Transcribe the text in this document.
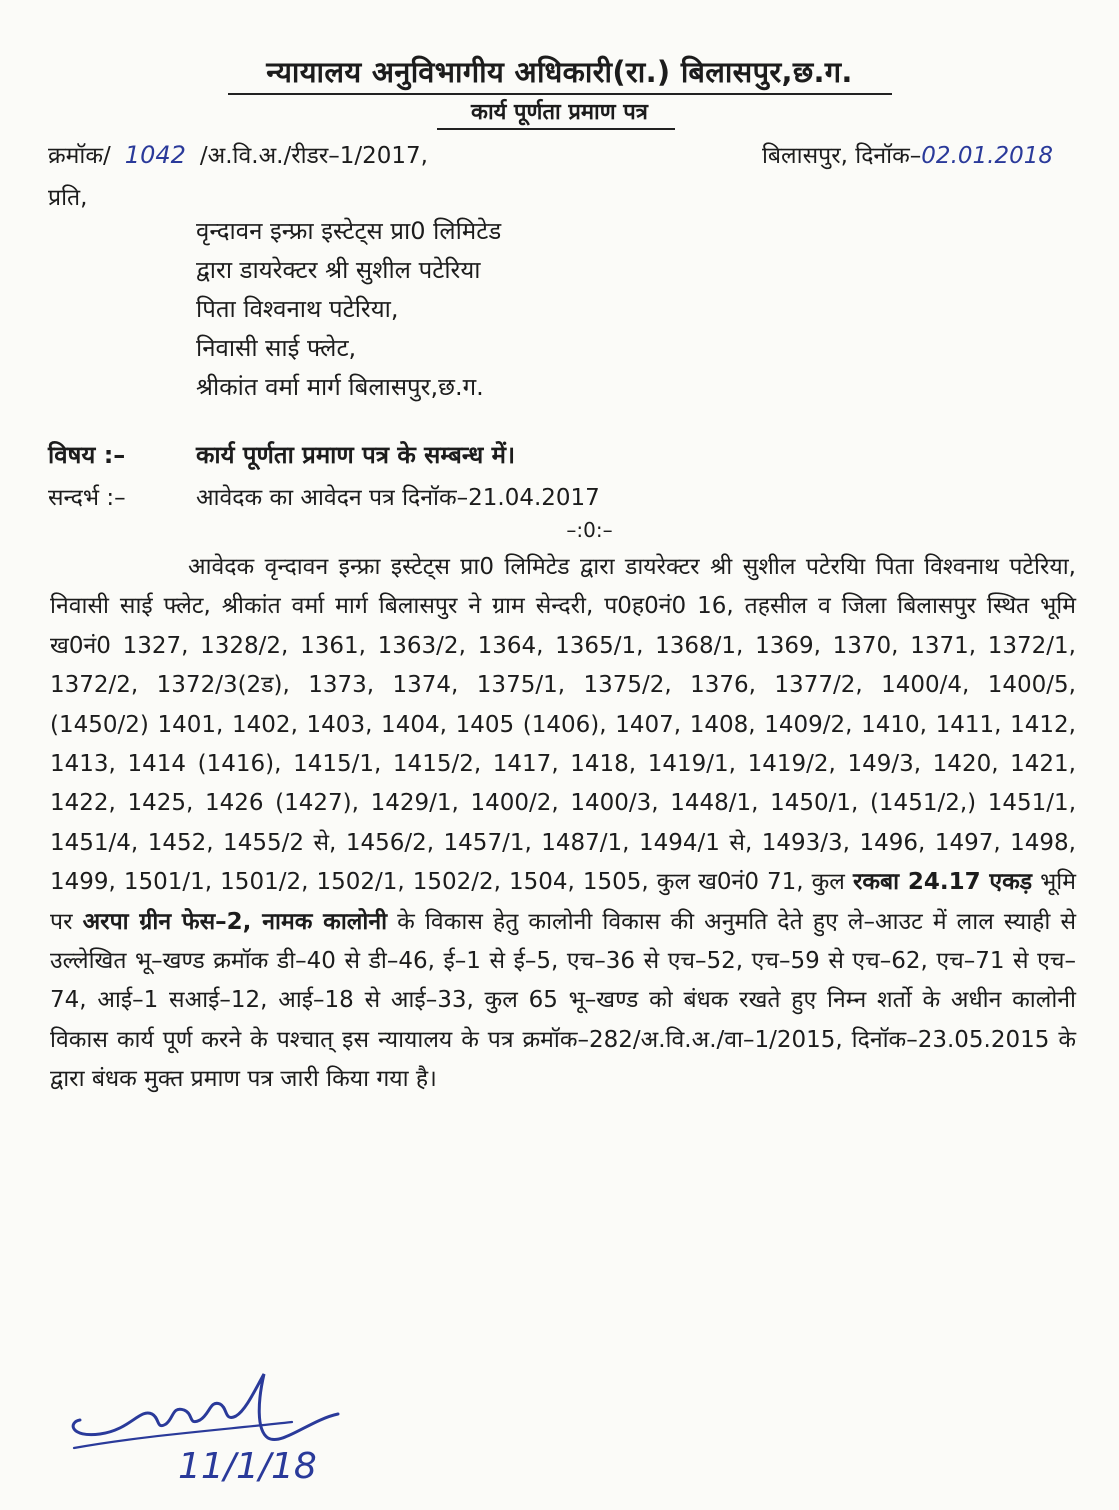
न्यायालय अनुविभागीय अधिकारी(रा.) बिलासपुर,छ.ग.
कार्य पूर्णता प्रमाण पत्र
क्रमॉक/ 1042 /अ.वि.अ./रीडर–1/2017,	बिलासपुर, दिनॉक–02.01.2018
प्रति,
वृन्दावन इन्फ्रा इस्टेट्स प्रा0 लिमिटेड
द्वारा डायरेक्टर श्री सुशील पटेरिया
पिता विश्वनाथ पटेरिया,
निवासी साई फ्लेट,
श्रीकांत वर्मा मार्ग बिलासपुर,छ.ग.
विषय :–	कार्य पूर्णता प्रमाण पत्र के सम्बन्ध में।
सन्दर्भ :–	आवेदक का आवेदन पत्र दिनॉक–21.04.2017
–:0:–
आवेदक वृन्दावन इन्फ्रा इस्टेट्स प्रा0 लिमिटेड द्वारा डायरेक्टर श्री सुशील पटेरयिा पिता विश्वनाथ पटेरिया, निवासी साई फ्लेट, श्रीकांत वर्मा मार्ग बिलासपुर ने ग्राम सेन्दरी, प0ह0नं0 16, तहसील व जिला बिलासपुर स्थित भूमि ख0नं0 1327, 1328/2, 1361, 1363/2, 1364, 1365/1, 1368/1, 1369, 1370, 1371, 1372/1, 1372/2, 1372/3(2ड), 1373, 1374, 1375/1, 1375/2, 1376, 1377/2, 1400/4, 1400/5, (1450/2) 1401, 1402, 1403, 1404, 1405 (1406), 1407, 1408, 1409/2, 1410, 1411, 1412, 1413, 1414 (1416), 1415/1, 1415/2, 1417, 1418, 1419/1, 1419/2, 149/3, 1420, 1421, 1422, 1425, 1426 (1427), 1429/1, 1400/2, 1400/3, 1448/1, 1450/1, (1451/2,) 1451/1, 1451/4, 1452, 1455/2 से, 1456/2, 1457/1, 1487/1, 1494/1 से, 1493/3, 1496, 1497, 1498, 1499, 1501/1, 1501/2, 1502/1, 1502/2, 1504, 1505, कुल ख0नं0 71, कुल रकबा 24.17 एकड़ भूमि पर अरपा ग्रीन फेस–2, नामक कालोनी के विकास हेतु कालोनी विकास की अनुमति देते हुए ले–आउट में लाल स्याही से उल्लेखित भू–खण्ड क्रमॉक डी–40 से डी–46, ई–1 से ई–5, एच–36 से एच–52, एच–59 से एच–62, एच–71 से एच–74, आई–1 सआई–12, आई–18 से आई–33, कुल 65 भू–खण्ड को बंधक रखते हुए निम्न शर्तो के अधीन कालोनी विकास कार्य पूर्ण करने के पश्चात् इस न्यायालय के पत्र क्रमॉक–282/अ.वि.अ./वा–1/2015, दिनॉक–23.05.2015 के द्वारा बंधक मुक्त प्रमाण पत्र जारी किया गया है।
11/1/18
